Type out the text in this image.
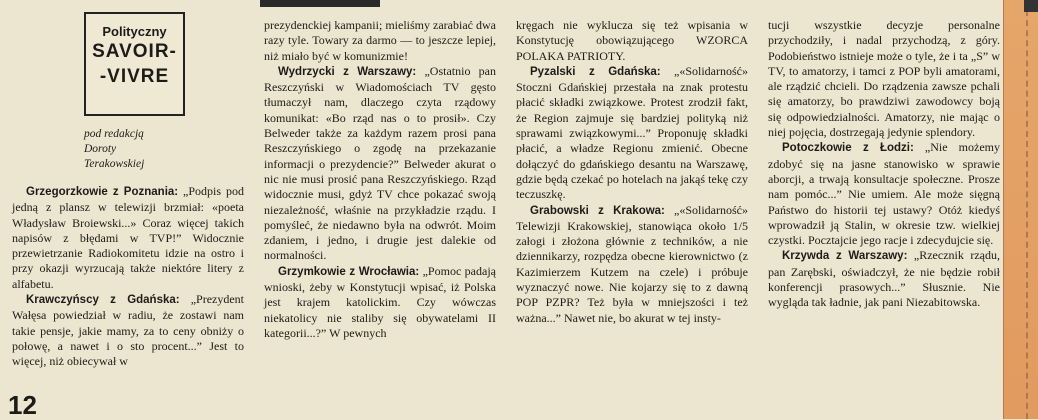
Polityczny
SAVOIR-
-VIVRE
pod redakcją
Doroty
Terakowskiej

Grzegorzkowie z Poznania: „Podpis pod jedną z plansz w telewizji brzmiał: «poeta Władysław Broiewski...» Coraz więcej takich napisów z błędami w TVP!” Widocznie przewietrzanie Radiokomitetu idzie na ostro i przy okazji wyrzucają także niektóre litery z alfabetu.

Krawczyńscy z Gdańska: „Prezydent Wałęsa powiedział w radiu, że zostawi nam takie pensje, jakie mamy, za to ceny obniży o połowę, a nawet i o sto procent...” Jest to więcej, niż obiecywał w

prezydenckiej kampanii; mieliśmy zarabiać dwa razy tyle. Towary za darmo — to jeszcze lepiej, niż miało być w komunizmie!

Wydrzycki z Warszawy: „Ostatnio pan Reszczyński w Wiadomościach TV gęsto tłumaczył nam, dlaczego czyta rządowy komunikat: «Bo rząd nas o to prosił». Czy Belweder także za każdym razem prosi pana Reszczyńskiego o zgodę na przekazanie informacji o prezydencie?” Belweder akurat o nic nie musi prosić pana Reszczyńskiego. Rząd widocznie musi, gdyż TV chce pokazać swoją niezależność, właśnie na przykładzie rządu. I pomyśleć, że niedawno była na odwrót. Moim zdaniem, i jedno, i drugie jest dalekie od normalności.

Grzymkowie z Wrocławia: „Pomoc padają wnioski, żeby w Konstytucji wpisać, iż Polska jest krajem katolickim. Czy wówczas niekatolicy nie staliby się obywatelami II kategorii...?” W pewnych

kręgach nie wyklucza się też wpisania w Konstytucję obowiązującego WZORCA POLAKA PATRIOTY.

Pyzalski z Gdańska: „«Solidarność» Stoczni Gdańskiej przestała na znak protestu płacić składki związkowe. Protest zrodził fakt, że Region zajmuje się bardziej polityką niż sprawami związkowymi...” Proponuję składki płacić, a władze Regionu zmienić. Obecne dołączyć do gdańskiego desantu na Warszawę, gdzie będą czekać po hotelach na jakąś tekę czy teczuszkę.

Grabowski z Krakowa: „«Solidarność» Telewizji Krakowskiej, stanowiąca około 1/5 załogi i złożona głównie z techników, a nie dziennikarzy, rozpędza obecne kierownictwo (z Kazimierzem Kutzem na czele) i próbuje wyznaczyć nowe. Nie kojarzy się to z dawną POP PZPR? Też była w mniejszości i też ważna...” Nawet nie, bo akurat w tej insty-

tucji wszystkie decyzje personalne przychodziły, i nadal przychodzą, z góry. Podobieństwo istnieje może o tyle, że i ta „S” w TV, to amatorzy, i tamci z POP byli amatorami, ale rządzić chcieli. Do rządzenia zawsze pchali się amatorzy, bo prawdziwi zawodowcy boją się odpowiedzialności. Amatorzy, nie mając o niej pojęcia, dostrzegają jedynie splendory.

Potoczkowie z Łodzi: „Nie możemy zdobyć się na jasne stanowisko w sprawie aborcji, a trwają konsultacje społeczne. Prosze nam pomóc...” Nie umiem. Ale może sięgną Państwo do historii tej ustawy? Otóż kiedyś wprowadził ją Stalin, w okresie tzw. wielkiej czystki. Pocztajcie jego racje i zdecydujcie się.

Krzywda z Warszawy: „Rzecznik rządu, pan Zarębski, oświadczył, że nie będzie robił konferencji prasowych...” Słusznie. Nie wygląda tak ładnie, jak pani Niezabitowska.

12
